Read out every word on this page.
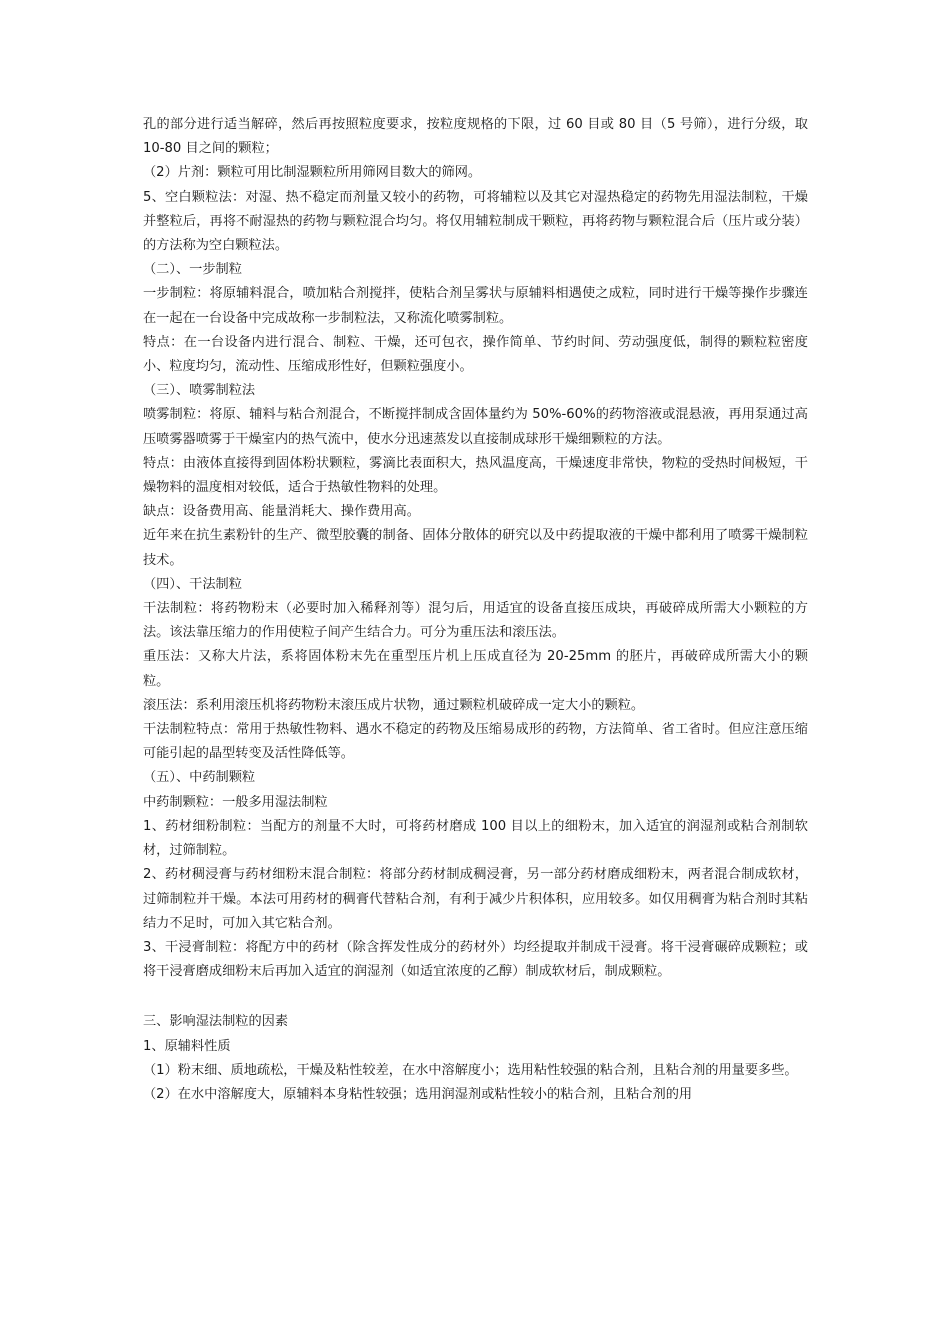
孔的部分进行适当解碎，然后再按照粒度要求，按粒度规格的下限，过 60 目或 80 目（5 号筛），进行分级，取 10-80 目之间的颗粒；

（2）片剂：颗粒可用比制湿颗粒所用筛网目数大的筛网。

5、空白颗粒法：对湿、热不稳定而剂量又较小的药物，可将辅粒以及其它对湿热稳定的药物先用湿法制粒，干燥并整粒后，再将不耐湿热的药物与颗粒混合均匀。将仅用辅粒制成干颗粒，再将药物与颗粒混合后（压片或分装）的方法称为空白颗粒法。

（二）、一步制粒

一步制粒：将原辅料混合，喷加粘合剂搅拌，使粘合剂呈雾状与原辅料相遇使之成粒，同时进行干燥等操作步骤连在一起在一台设备中完成故称一步制粒法，又称流化喷雾制粒。

特点：在一台设备内进行混合、制粒、干燥，还可包衣，操作简单、节约时间、劳动强度低，制得的颗粒粒密度小、粒度均匀，流动性、压缩成形性好，但颗粒强度小。

（三）、喷雾制粒法

喷雾制粒：将原、辅料与粘合剂混合，不断搅拌制成含固体量约为 50%-60%的药物溶液或混悬液，再用泵通过高压喷雾器喷雾于干燥室内的热气流中，使水分迅速蒸发以直接制成球形干燥细颗粒的方法。

特点：由液体直接得到固体粉状颗粒，雾滴比表面积大，热风温度高，干燥速度非常快，物粒的受热时间极短，干燥物料的温度相对较低，适合于热敏性物料的处理。

缺点：设备费用高、能量消耗大、操作费用高。

近年来在抗生素粉针的生产、微型胶囊的制备、固体分散体的研究以及中药提取液的干燥中都利用了喷雾干燥制粒技术。

（四）、干法制粒

干法制粒：将药物粉末（必要时加入稀释剂等）混匀后，用适宜的设备直接压成块，再破碎成所需大小颗粒的方法。该法靠压缩力的作用使粒子间产生结合力。可分为重压法和滚压法。

重压法：又称大片法，系将固体粉末先在重型压片机上压成直径为 20-25mm 的胚片，再破碎成所需大小的颗粒。

滚压法：系利用滚压机将药物粉末滚压成片状物，通过颗粒机破碎成一定大小的颗粒。

干法制粒特点：常用于热敏性物料、遇水不稳定的药物及压缩易成形的药物，方法简单、省工省时。但应注意压缩可能引起的晶型转变及活性降低等。

（五）、中药制颗粒

中药制颗粒：一般多用湿法制粒

1、药材细粉制粒：当配方的剂量不大时，可将药材磨成 100 目以上的细粉末，加入适宜的润湿剂或粘合剂制软材，过筛制粒。

2、药材稠浸膏与药材细粉末混合制粒：将部分药材制成稠浸膏，另一部分药材磨成细粉末，两者混合制成软材，过筛制粒并干燥。本法可用药材的稠膏代替粘合剂，有利于减少片积体积，应用较多。如仅用稠膏为粘合剂时其粘结力不足时，可加入其它粘合剂。

3、干浸膏制粒：将配方中的药材（除含挥发性成分的药材外）均经提取并制成干浸膏。将干浸膏碾碎成颗粒；或将干浸膏磨成细粉末后再加入适宜的润湿剂（如适宜浓度的乙醇）制成软材后，制成颗粒。

三、影响湿法制粒的因素

1、原辅料性质

（1）粉末细、质地疏松，干燥及粘性较差，在水中溶解度小；选用粘性较强的粘合剂，且粘合剂的用量要多些。

（2）在水中溶解度大，原辅料本身粘性较强；选用润湿剂或粘性较小的粘合剂，且粘合剂的用
